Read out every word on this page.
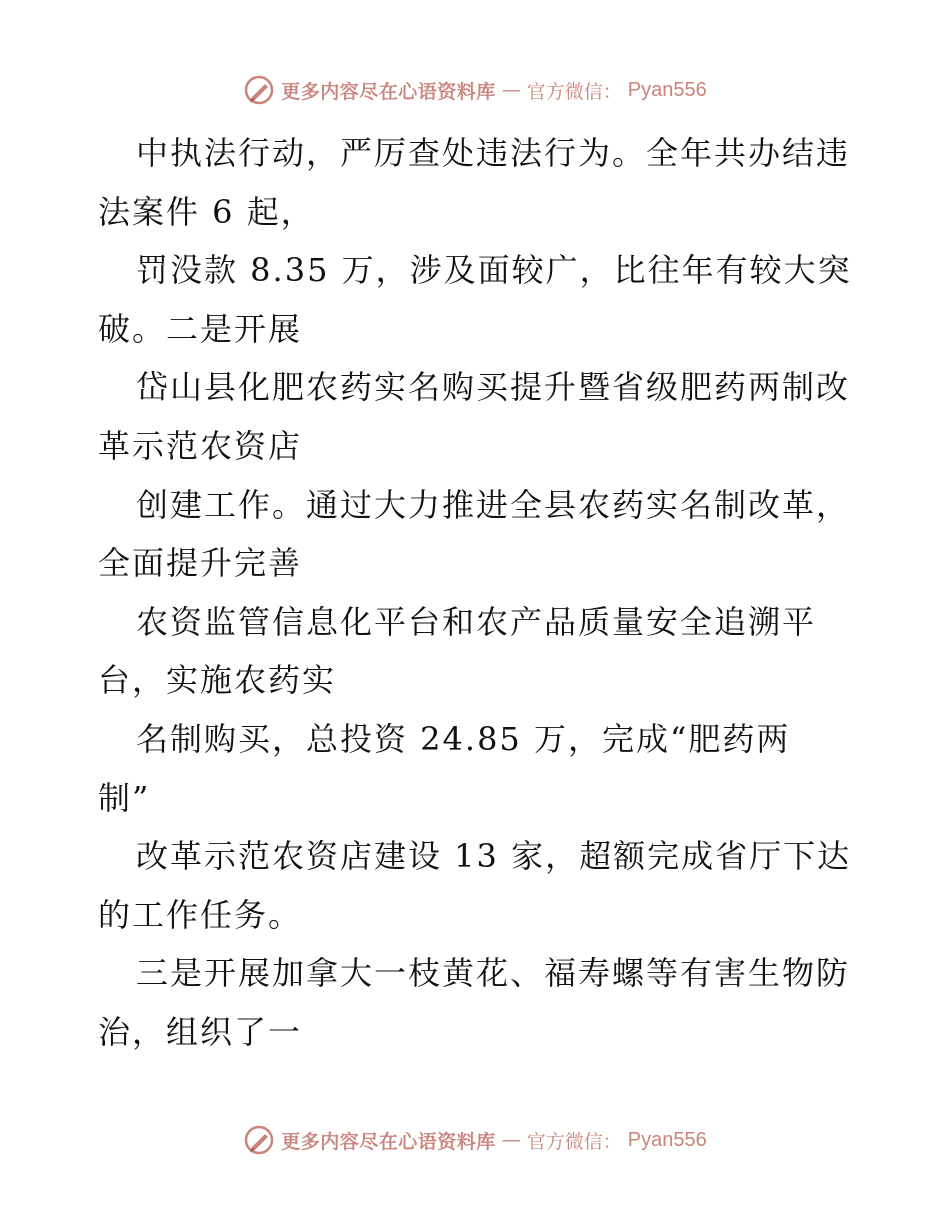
更多内容尽在心语资料库 — 官方微信： Pyan556
中执法行动，严厉查处违法行为。全年共办结违
法案件 6 起，
罚没款 8.35 万，涉及面较广，比往年有较大突
破。二是开展
岱山县化肥农药实名购买提升暨省级肥药两制改
革示范农资店
创建工作。通过大力推进全县农药实名制改革，
全面提升完善
农资监管信息化平台和农产品质量安全追溯平
台，实施农药实
名制购买，总投资 24.85 万，完成“肥药两
制”
改革示范农资店建设 13 家，超额完成省厅下达
的工作任务。
三是开展加拿大一枝黄花、福寿螺等有害生物防
治，组织了一
更多内容尽在心语资料库 — 官方微信： Pyan556
